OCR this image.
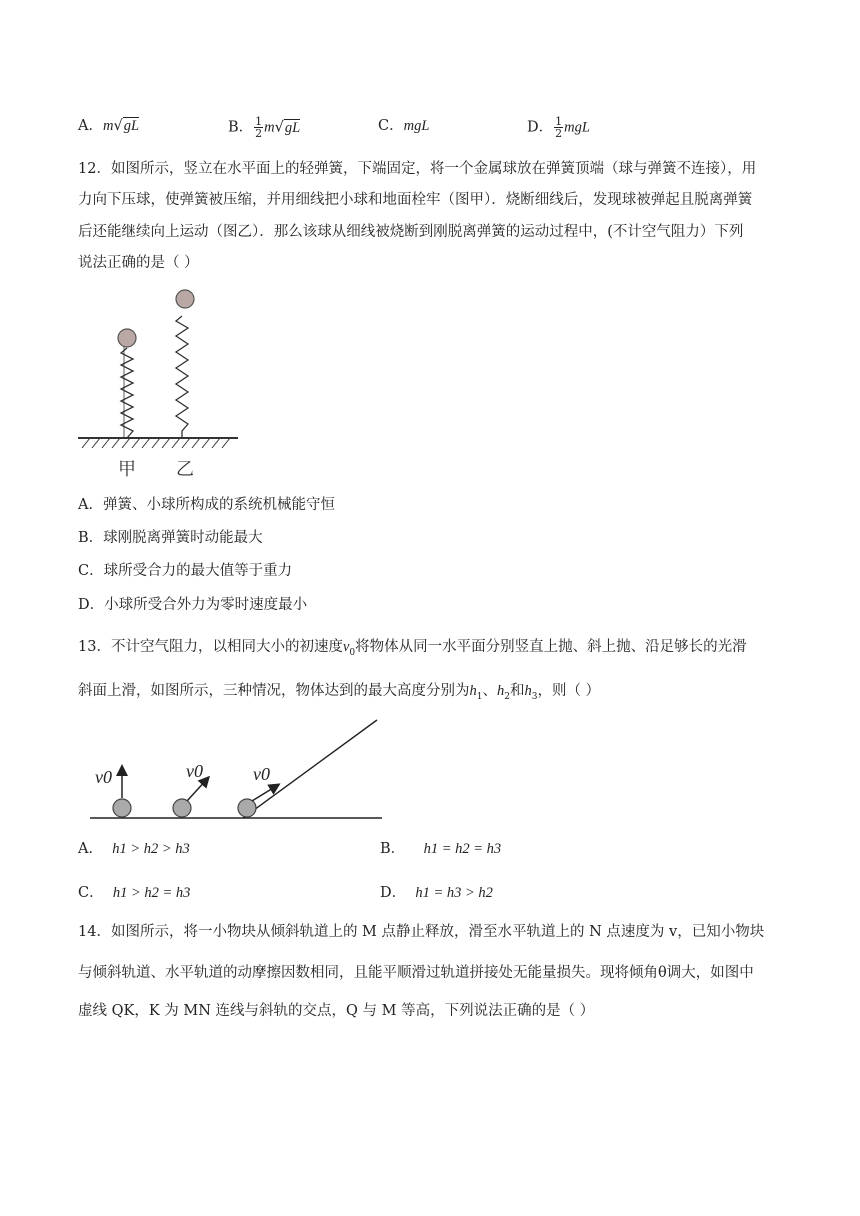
A．m√gL	B． $\frac{1}{2} m√gL$	C．mgL	D． $\frac{1}{2}$ mgL
12．如图所示，竖立在水平面上的轻弹簧，下端固定，将一个金属球放在弹簧顶端（球与弹簧不连接），用
力向下压球，使弹簧被压缩，并用细线把小球和地面栓牢（图甲）．烧断细线后，发现球被弹起且脱离弹簧
后还能继续向上运动（图乙）．那么该球从细线被烧断到刚脱离弹簧的运动过程中，(不计空气阻力）下列
说法正确的是（ ）
甲 乙
A．弹簧、小球所构成的系统机械能守恒
B．球刚脱离弹簧时动能最大
C．球所受合力的最大值等于重力
D．小球所受合外力为零时速度最小
13．不计空气阻力，以相同大小的初速度$v_0$将物体从同一水平面分别竖直上抛、斜上抛、沿足够长的光滑
斜面上滑，如图所示，三种情况，物体达到的最大高度分别为$h_1$、$h_2$和$h_3$，则（ ）
v0	v0	v0
A． h1 > h2 > h3	B． h1 = h2 = h3
C． h1 > h2 = h3	D． h1 = h3 > h2
14．如图所示，将一小物块从倾斜轨道上的 M 点静止释放，滑至水平轨道上的 N 点速度为 v，已知小物块
与倾斜轨道、水平轨道的动摩擦因数相同，且能平顺滑过轨道拼接处无能量损失。现将倾角θ调大，如图中
虚线 QK，K 为 MN 连线与斜轨的交点，Q 与 M 等高，下列说法正确的是（ ）
